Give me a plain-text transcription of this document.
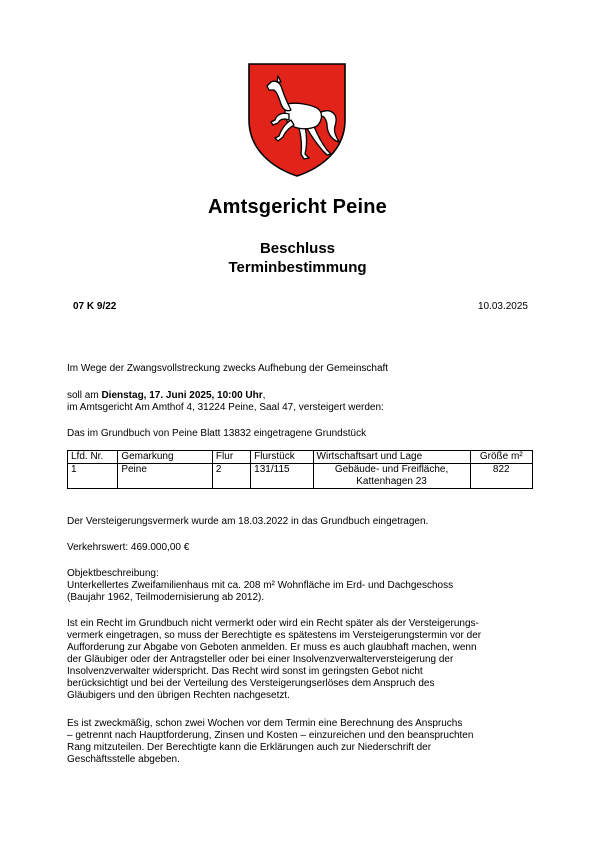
Amtsgericht Peine
Beschluss
Terminbestimmung
07 K 9/22	10.03.2025

Im Wege der Zwangsvollstreckung zwecks Aufhebung der Gemeinschaft

soll am Dienstag, 17. Juni 2025, 10:00 Uhr,

im Amtsgericht Am Amthof 4, 31224 Peine, Saal 47, versteigert werden:

Das im Grundbuch von Peine Blatt 13832 eingetragene Grundstück

Lfd. Nr.	Gemarkung	Flur	Flurstück	Wirtschaftsart und Lage	Größe m²
1	Peine	2	131/115	Gebäude- und Freifläche,
Kattenhagen 23	822

Der Versteigerungsvermerk wurde am 18.03.2022 in das Grundbuch eingetragen.

Verkehrswert: 469.000,00 €

Objektbeschreibung:

Unterkellertes Zweifamilienhaus mit ca. 208 m² Wohnfläche im Erd- und Dachgeschoss

(Baujahr 1962, Teilmodernisierung ab 2012).

Ist ein Recht im Grundbuch nicht vermerkt oder wird ein Recht später als der Versteigerungs-

vermerk eingetragen, so muss der Berechtigte es spätestens im Versteigerungstermin vor der

Aufforderung zur Abgabe von Geboten anmelden. Er muss es auch glaubhaft machen, wenn

der Gläubiger oder der Antragsteller oder bei einer Insolvenzverwalterversteigerung der

Insolvenzverwalter widerspricht. Das Recht wird sonst im geringsten Gebot nicht

berücksichtigt und bei der Verteilung des Versteigerungserlöses dem Anspruch des

Gläubigers und den übrigen Rechten nachgesetzt.

Es ist zweckmäßig, schon zwei Wochen vor dem Termin eine Berechnung des Anspruchs

– getrennt nach Hauptforderung, Zinsen und Kosten – einzureichen und den beanspruchten

Rang mitzuteilen. Der Berechtigte kann die Erklärungen auch zur Niederschrift der

Geschäftsstelle abgeben.
